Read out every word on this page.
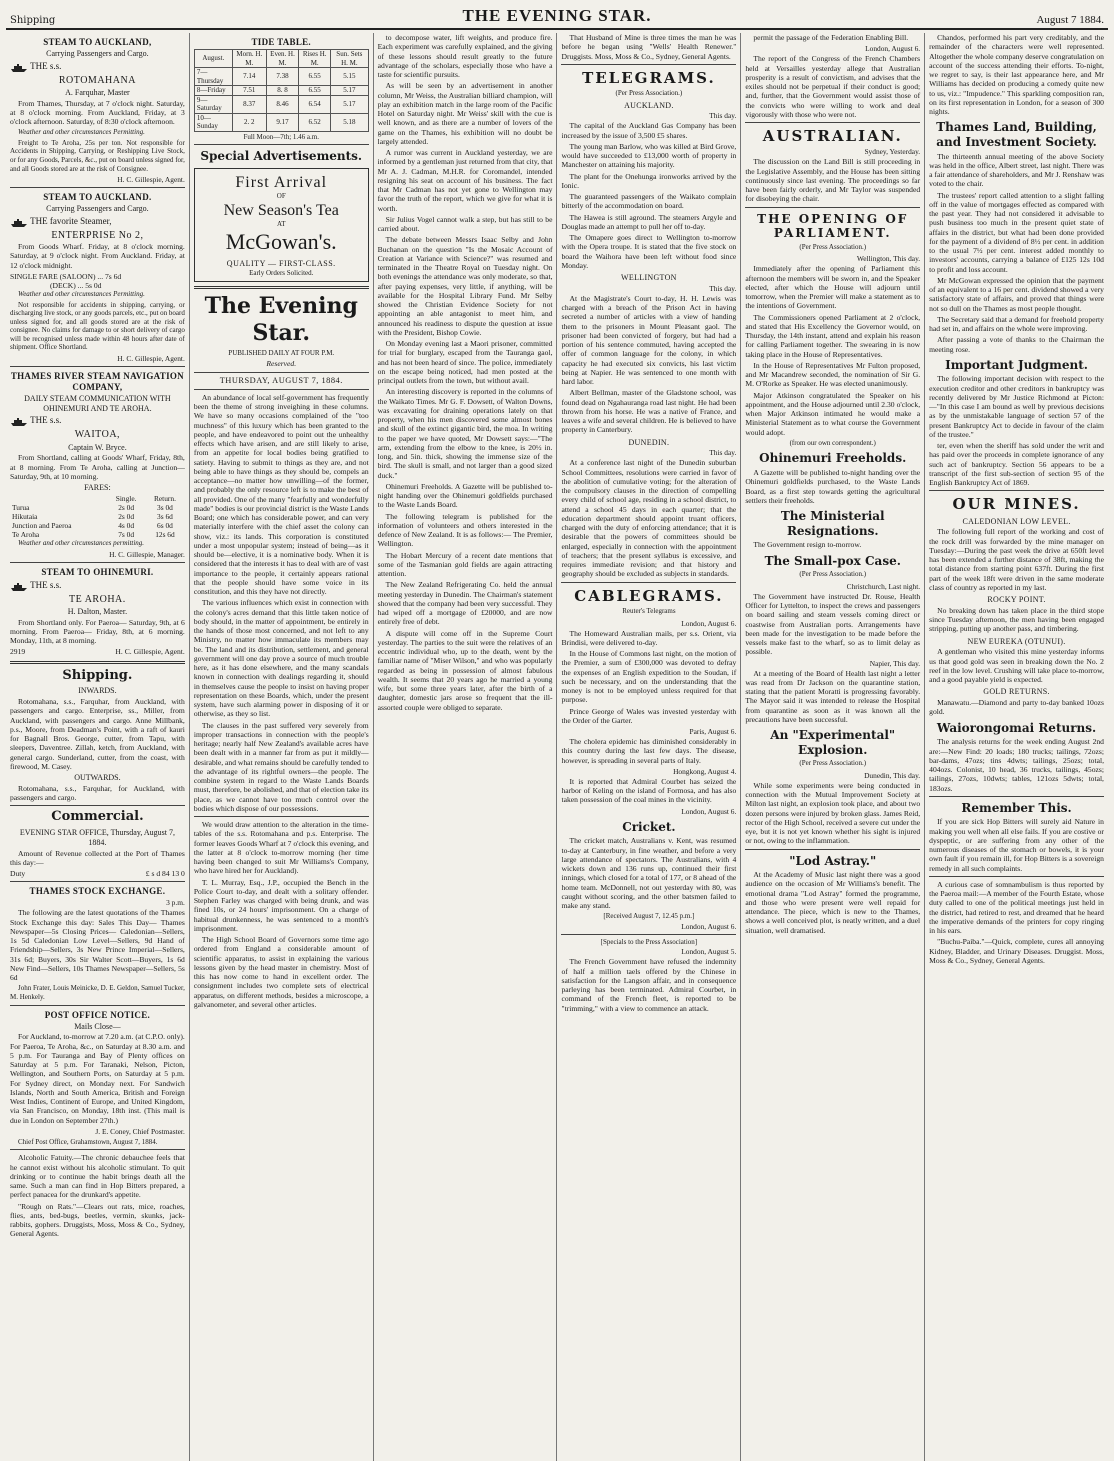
Shipping	THE EVENING STAR.	August 7 1884.
STEAM TO AUCKLAND,
Carrying Passengers and Cargo.
THE s.s.
ROTOMAHANA
A. Farquhar, Master

From Thames, Thursday, at 7 o'clock night. Saturday, at 8 o'clock morning. From Auckland, Friday, at 3 o'clock afternoon. Saturday, of 8:30 o'clock afternoon.

Weather and other circumstances Permitting.

Freight to Te Aroha, 25s per ton. Not responsible for Accidents in Shipping, Carrying, or Reshipping Live Stock, or for any Goods, Parcels, &c., put on board unless signed for, and all Goods stored are at the risk of Consignee.

H. C. Gillespie, Agent.
STEAM TO AUCKLAND.
Carrying Passengers and Cargo.
THE favorite Steamer,
ENTERPRISE No 2,

From Goods Wharf. Friday, at 8 o'clock morning. Saturday, at 9 o'clock night. From Auckland. Friday, at 12 o'clock midnight.

SINGLE FARE (SALOON) ... 7s 6d
(DECK) ... 5s 0d

Weather and other circumstances Permitting.

Not responsible for accidents in shipping, carrying, or discharging live stock, or any goods parcels, etc., put on board unless signed for, and all goods stored are at the risk of consignee. No claims for damage to or short delivery of cargo will be recognised unless made within 48 hours after date of shipment. Office Shortland.

H. C. Gillespie, Agent.
THAMES RIVER STEAM NAVIGATION COMPANY,
DAILY STEAM COMMUNICATION WITH OHINEMURI AND TE AROHA.
THE s.s.
WAITOA,
Captain W. Bryce.

From Shortland, calling at Goods' Wharf, Friday, 8th, at 8 morning. From Te Aroha, calling at Junction— Saturday, 9th, at 10 morning.

FARES:
	Single.	Return.
Turua	2s 0d	3s 0d
Hikutaia	2s 0d	3s 6d
Junction and Paeroa	4s 0d	6s 0d
Te Aroha	7s 0d	12s 6d

Weather and other circumstances permitting.

H. C. Gillespie, Manager.
STEAM TO OHINEMURI.
THE s.s.
TE AROHA.
H. Dalton, Master.

From Shortland only. For Paeroa— Saturday, 9th, at 6 morning. From Paeroa— Friday, 8th, at 6 morning. Monday, 11th, at 8 morning.

2919	H. C. Gillespie, Agent.
Shipping.
INWARDS.

Rotomahana, s.s., Farquhar, from Auckland, with passengers and cargo. Enterprise, ss., Miller, from Auckland, with passengers and cargo. Anne Millbank, p.s., Moore, from Deadman's Point, with a raft of kauri for Bagnall Bros. George, cutter, from Tapu, with sleepers, Daventree. Zillah, ketch, from Auckland, with general cargo. Sunderland, cutter, from the coast, with firewood, M. Casey.

OUTWARDS.

Rotomahana, s.s., Farquhar, for Auckland, with passengers and cargo.

Commercial.
EVENING STAR OFFICE, Thursday, August 7, 1884.

Amount of Revenue collected at the Port of Thames this day:—

Duty	£ s d 84 13 0
THAMES STOCK EXCHANGE.
3 p.m.

The following are the latest quotations of the Thames Stock Exchange this day: Sales This Day— Thames Newspaper—5s Closing Prices— Caledonian—Sellers, 1s 5d Caledonian Low Level—Sellers, 9d Hand of Friendship—Sellers, 3s New Prince Imperial—Sellers, 31s 6d; Buyers, 30s Sir Walter Scott—Buyers, 1s 6d New Find—Sellers, 10s Thames Newspaper—Sellers, 5s 6d

John Frater, Louis Meinicke, D. E. Geldon, Samuel Tucker, M. Henkely.

POST OFFICE NOTICE.
Mails Close—

For Auckland, to-morrow at 7.20 a.m. (at C.P.O. only). For Paeroa, Te Aroha, &c., on Saturday at 8.30 a.m. and 5 p.m. For Tauranga and Bay of Plenty offices on Saturday at 5 p.m. For Taranaki, Nelson, Picton, Wellington, and Southern Ports, on Saturday at 5 p.m. For Sydney direct, on Monday next. For Sandwich Islands, North and South America, British and Foreign West Indies, Continent of Europe, and United Kingdom, via San Francisco, on Monday, 18th inst. (This mail is due in London on September 27th.)

J. E. Coney, Chief Postmaster.

Chief Post Office, Grahamstown, August 7, 1884.

Alcoholic Fatuity.—The chronic debauchee feels that he cannot exist without his alcoholic stimulant. To quit drinking or to continue the habit brings death all the same. Such a man can find in Hop Bitters prepared, a perfect panacea for the drunkard's appetite.

"Rough on Rats."—Clears out rats, mice, roaches, flies, ants, bed-bugs, beetles, vermin, skunks, jack-rabbits, gophers. Druggists, Moss, Moss & Co., Sydney, General Agents.

TIDE TABLE.
August.	Morn. H. M.	Even. H. M.	Rises H. M.	Sun. Sets H. M.
7—Thursday	7.14	7.38	6.55	5.15
8—Friday	7.51	8. 8	6.55	5.17
9—Saturday	8.37	8.46	6.54	5.17
10—Sunday	2. 2	9.17	6.52	5.18
Full Moon—7th; 1.46 a.m.
Special Advertisements.
First Arrival
OF
New Season's Tea
AT
McGowan's.
QUALITY — FIRST-CLASS.
Early Orders Solicited.
The Evening Star.
PUBLISHED DAILY AT FOUR P.M.
Reserved.
THURSDAY, AUGUST 7, 1884.

An abundance of local self-government has frequently been the theme of strong inveighing in these columns. We have so many occasions complained of the "too muchness" of this luxury which has been granted to the people, and have endeavored to point out the unhealthy effects which have arisen, and are still likely to arise, from an appetite for local bodies being gratified to satiety. Having to submit to things as they are, and not being able to have things as they should be, compels an acceptance—no matter how unwilling—of the former, and probably the only resource left is to make the best of all provided. One of the many "fearfully and wonderfully made" bodies is our provincial district is the Waste Lands Board; one which has considerable power, and can very materially interfere with the chief asset the colony can show, viz.: its lands. This corporation is constituted under a most unpopular system; instead of being—as it should be—elective, it is a nominative body. When it is considered that the interests it has to deal with are of vast importance to the people, it certainly appears rational that the people should have some voice in its constitution, and this they have not directly.

The various influences which exist in connection with the colony's acres demand that this little taken notice of body should, in the matter of appointment, be entirely in the hands of those most concerned, and not left to any Ministry, no matter how immaculate its members may be. The land and its distribution, settlement, and general government will one day prove a source of much trouble here, as it has done elsewhere, and the many scandals known in connection with dealings regarding it, should in themselves cause the people to insist on having proper representation on these Boards, which, under the present system, have such alarming power in disposing of it or otherwise, as they so list.

The clauses in the past suffered very severely from improper transactions in connection with the people's heritage; nearly half New Zealand's available acres have been dealt with in a manner far from as put it mildly—desirable, and what remains should be carefully tended to the advantage of its rightful owners—the people. The combine system in regard to the Waste Lands Boards must, therefore, be abolished, and that of election take its place, as we cannot have too much control over the bodies which dispose of our possessions.

We would draw attention to the alteration in the time-tables of the s.s. Rotomahana and p.s. Enterprise. The former leaves Goods Wharf at 7 o'clock this evening, and the latter at 8 o'clock to-morrow morning (her time having been changed to suit Mr Williams's Company, who have hired her for Auckland).

T. L. Murray, Esq., J.P., occupied the Bench in the Police Court to-day, and dealt with a solitary offender. Stephen Farley was charged with being drunk, and was fined 10s, or 24 hours' imprisonment. On a charge of habitual drunkenness, he was sentenced to a month's imprisonment.

The High School Board of Governors some time ago ordered from England a considerable amount of scientific apparatus, to assist in explaining the various lessons given by the head master in chemistry. Most of this has now come to hand in excellent order. The consignment includes two complete sets of electrical apparatus, on different methods, besides a microscope, a galvanometer, and several other articles.

to decompose water, lift weights, and produce fire. Each experiment was carefully explained, and the giving of these lessons should result greatly to the future advantage of the scholars, especially those who have a taste for scientific pursuits.

As will be seen by an advertisement in another column, Mr Weiss, the Australian billiard champion, will play an exhibition match in the large room of the Pacific Hotel on Saturday night. Mr Weiss' skill with the cue is well known, and as there are a number of lovers of the game on the Thames, his exhibition will no doubt be largely attended.

A rumor was current in Auckland yesterday, we are informed by a gentleman just returned from that city, that Mr A. J. Cadman, M.H.R. for Coromandel, intended resigning his seat on account of his business. The fact that Mr Cadman has not yet gone to Wellington may favor the truth of the report, which we give for what it is worth.

Sir Julius Vogel cannot walk a step, but has still to be carried about.

The debate between Messrs Isaac Selby and John Buchanan on the question "Is the Mosaic Account of Creation at Variance with Science?" was resumed and terminated in the Theatre Royal on Tuesday night. On both evenings the attendance was only moderate, so that, after paying expenses, very little, if anything, will be available for the Hospital Library Fund. Mr Selby showed the Christian Evidence Society for not appointing an able antagonist to meet him, and announced his readiness to dispute the question at issue with the President, Bishop Cowie.

On Monday evening last a Maori prisoner, committed for trial for burglary, escaped from the Tauranga gaol, and has not been heard of since. The police, immediately on the escape being noticed, had men posted at the principal outlets from the town, but without avail.

An interesting discovery is reported in the columns of the Waikato Times. Mr G. F. Dowsett, of Walton Downs, was excavating for draining operations lately on that property, when his men discovered some almost bones and skull of the extinct gigantic bird, the moa. In writing to the paper we have quoted, Mr Dowsett says:—"The arm, extending from the elbow to the knee, is 20½ in. long, and 5in. thick, showing the immense size of the bird. The skull is small, and not larger than a good sized duck."

Ohinemuri Freeholds. A Gazette will be published to-night handing over the Ohinemuri goldfields purchased to the Waste Lands Board.

The following telegram is published for the information of volunteers and others interested in the defence of New Zealand. It is as follows:— The Premier, Wellington.

The Hobart Mercury of a recent date mentions that some of the Tasmanian gold fields are again attracting attention.

The New Zealand Refrigerating Co. held the annual meeting yesterday in Dunedin. The Chairman's statement showed that the company had been very successful. They had wiped off a mortgage of £20000, and are now entirely free of debt.

A dispute will come off in the Supreme Court yesterday. The parties to the suit were the relatives of an eccentric individual who, up to the death, went by the familiar name of "Miser Wilson," and who was popularly regarded as being in possession of almost fabulous wealth. It seems that 20 years ago he married a young wife, but some three years later, after the birth of a daughter, domestic jars arose so frequent that the ill-assorted couple were obliged to separate.

That Husband of Mine is three times the man he was before he began using "Wells' Health Renewer." Druggists. Moss, Moss & Co., Sydney, General Agents.

TELEGRAMS.
(Per Press Association.)
AUCKLAND.
This day.

The capital of the Auckland Gas Company has been increased by the issue of 3,500 £5 shares.

The young man Barlow, who was killed at Bird Grove, would have succeeded to £13,000 worth of property in Manchester on attaining his majority.

The plant for the Onehunga ironworks arrived by the Ionic.

The guaranteed passengers of the Waikato complain bitterly of the accommodation on board.

The Hawea is still aground. The steamers Argyle and Douglas made an attempt to pull her off to-day.

The Omapere goes direct to Wellington to-morrow with the Opera troupe. It is stated that the five stock on board the Waihora have been left without food since Monday.

WELLINGTON
This day.

At the Magistrate's Court to-day, H. H. Lewis was charged with a breach of the Prison Act in having secreted a number of articles with a view of handing them to the prisoners in Mount Pleasant gaol. The prisoner had been convicted of forgery, but had had a portion of his sentence commuted, having accepted the offer of common language for the colony, in which capacity he had executed six convicts, his last victim being at Napier. He was sentenced to one month with hard labor.

Albert Bellman, master of the Gladstone school, was found dead on Ngahauranga road last night. He had been thrown from his horse. He was a native of France, and leaves a wife and several children. He is believed to have property in Canterbury.

DUNEDIN.
This day.

At a conference last night of the Dunedin suburban School Committees, resolutions were carried in favor of the abolition of cumulative voting; for the alteration of the compulsory clauses in the direction of compelling every child of school age, residing in a school district, to attend a school 45 days in each quarter; that the education department should appoint truant officers, charged with the duty of enforcing attendance; that it is desirable that the powers of committees should be enlarged, especially in connection with the appointment of teachers; that the present syllabus is excessive, and requires immediate revision; and that history and geography should be excluded as subjects in standards.

CABLEGRAMS.
Reuter's Telegrams
London, August 6.

The Homeward Australian mails, per s.s. Orient, via Brindisi, were delivered to-day.

In the House of Commons last night, on the motion of the Premier, a sum of £300,000 was devoted to defray the expenses of an English expedition to the Soudan, if such be necessary, and on the understanding that the money is not to be employed unless required for that purpose.

Prince George of Wales was invested yesterday with the Order of the Garter.

Paris, August 6.

The cholera epidemic has diminished considerably in this country during the last few days. The disease, however, is spreading in several parts of Italy.

Hongkong, August 4.

It is reported that Admiral Courbet has seized the harbor of Keling on the island of Formosa, and has also taken possession of the coal mines in the vicinity.

London, August 6.
Cricket.

The cricket match, Australians v. Kent, was resumed to-day at Canterbury, in fine weather, and before a very large attendance of spectators. The Australians, with 4 wickets down and 136 runs up, continued their first innings, which closed for a total of 177, or 8 ahead of the home team. McDonnell, not out yesterday with 80, was caught without scoring, and the other batsmen failed to make any stand.

[Received August 7, 12.45 p.m.]
London, August 6.
[Specials to the Press Association]
London, August 5.

The French Government have refused the indemnity of half a million taels offered by the Chinese in satisfaction for the Langson affair, and in consequence parleying has been terminated. Admiral Courbet, in command of the French fleet, is reported to be "trimming," with a view to commence an attack.

permit the passage of the Federation Enabling Bill.

London, August 6.

The report of the Congress of the French Chambers held at Versailles yesterday allege that Australian prosperity is a result of convictism, and advises that the exiles should not be perpetual if their conduct is good; and, further, that the Government would assist those of the convicts who were willing to work and deal vigorously with those who were not.

AUSTRALIAN.
Sydney, Yesterday.

The discussion on the Land Bill is still proceeding in the Legislative Assembly, and the House has been sitting continuously since last evening. The proceedings so far have been fairly orderly, and Mr Taylor was suspended for disobeying the chair.

THE OPENING OF PARLIAMENT.
(Per Press Association.)
Wellington, This day.

Immediately after the opening of Parliament this afternoon the members will be sworn in, and the Speaker elected, after which the House will adjourn until tomorrow, when the Premier will make a statement as to the intentions of Government.

The Commissioners opened Parliament at 2 o'clock, and stated that His Excellency the Governor would, on Thursday, the 14th instant, attend and explain his reason for calling Parliament together. The swearing in is now taking place in the House of Representatives.

In the House of Representatives Mr Fulton proposed, and Mr Macandrew seconded, the nomination of Sir G. M. O'Rorke as Speaker. He was elected unanimously.

Major Atkinson congratulated the Speaker on his appointment, and the House adjourned until 2.30 o'clock, when Major Atkinson intimated he would make a Ministerial Statement as to what course the Government would adopt.

(from our own correspondent.)
Ohinemuri Freeholds.

A Gazette will be published to-night handing over the Ohinemuri goldfields purchased, to the Waste Lands Board, as a first step towards getting the agricultural settlers their freeholds.

The Ministerial Resignations.

The Government resign to-morrow.

The Small-pox Case.
(Per Press Association.)
Christchurch, Last night.

The Government have instructed Dr. Rouse, Health Officer for Lyttelton, to inspect the crews and passengers on board sailing and steam vessels coming direct or coastwise from Australian ports. Arrangements have been made for the investigation to be made before the vessels make fast to the wharf, so as to limit delay as possible.

Napier, This day.

At a meeting of the Board of Health last night a letter was read from Dr Jackson on the quarantine station, stating that the patient Moratti is progressing favorably. The Mayor said it was intended to release the Hospital from quarantine as soon as it was known all the precautions have been successful.

An "Experimental" Explosion.
(Per Press Association.)
Dunedin, This day.

While some experiments were being conducted in connection with the Mutual Improvement Society at Milton last night, an explosion took place, and about two dozen persons were injured by broken glass. James Reid, rector of the High School, received a severe cut under the eye, but it is not yet known whether his sight is injured or not, owing to the inflammation.

"Lod Astray."

At the Academy of Music last night there was a good audience on the occasion of Mr Williams's benefit. The emotional drama "Lod Astray" formed the programme, and those who were present were well repaid for attendance. The piece, which is new to the Thames, shows a well conceived plot, is neatly written, and a duel situation, well dramatised.

Chandos, performed his part very creditably, and the remainder of the characters were well represented. Altogether the whole company deserve congratulation on account of the success attending their efforts. To-night, we regret to say, is their last appearance here, and Mr Williams has decided on producing a comedy quite new to us, viz.: "Impudence." This sparkling composition ran, on its first representation in London, for a season of 300 nights.

Thames Land, Building, and Investment Society.

The thirteenth annual meeting of the above Society was held in the office, Albert street, last night. There was a fair attendance of shareholders, and Mr J. Renshaw was voted to the chair.

The trustees' report called attention to a slight falling off in the value of mortgages effected as compared with the past year. They had not considered it advisable to push business too much in the present quiet state of affairs in the district, but what had been done provided for the payment of a dividend of 8½ per cent. in addition to the usual 7½ per cent. interest added monthly to investors' accounts, carrying a balance of £125 12s 10d to profit and loss account.

Mr McGowan expressed the opinion that the payment of an equivalent to a 16 per cent. dividend showed a very satisfactory state of affairs, and proved that things were not so dull on the Thames as most people thought.

The Secretary said that a demand for freehold property had set in, and affairs on the whole were improving.

After passing a vote of thanks to the Chairman the meeting rose.

Important Judgment.

The following important decision with respect to the execution creditor and other creditors in bankruptcy was recently delivered by Mr Justice Richmond at Picton:—"In this case I am bound as well by previous decisions as by the unmistakable language of section 57 of the present Bankruptcy Act to decide in favour of the claim of the trustee."

ter, even when the sheriff has sold under the writ and has paid over the proceeds in complete ignorance of any such act of bankruptcy. Section 56 appears to be a transcript of the first sub-section of section 95 of the English Bankruptcy Act of 1869.

OUR MINES.
CALEDONIAN LOW LEVEL.

The following full report of the working and cost of the rock drill was forwarded by the mine manager on Tuesday:—During the past week the drive at 650ft level has been extended a further distance of 38ft, making the total distance from starting point 637ft. During the first part of the week 18ft were driven in the same moderate class of country as reported in my last.

ROCKY POINT.

No breaking down has taken place in the third stope since Tuesday afternoon, the men having been engaged stripping, putting up another pass, and timbering.

NEW EUREKA (OTUNUI).

A gentleman who visited this mine yesterday informs us that good gold was seen in breaking down the No. 2 reef in the low level. Crushing will take place to-morrow, and a good payable yield is expected.

GOLD RETURNS.

Manawatu.—Diamond and party to-day banked 10ozs gold.

Waiorongomai Returns.

The analysis returns for the week ending August 2nd are:—New Find: 20 loads; 180 trucks; tailings, 72ozs; bar-dams, 47ozs; tins 4dwts; tailings, 25ozs; total, 404ozs. Colonist, 10 head, 36 trucks, tailings, 45ozs; tailings, 27ozs, 10dwts; tables, 121ozs 5dwts; total, 183ozs.

Remember This.

If you are sick Hop Bitters will surely aid Nature in making you well when all else fails. If you are costive or dyspeptic, or are suffering from any other of the numerous diseases of the stomach or bowels, it is your own fault if you remain ill, for Hop Bitters is a sovereign remedy in all such complaints.

A curious case of somnambulism is thus reported by the Paeroa mail:—A member of the Fourth Estate, whose duty called to one of the political meetings just held in the district, had retired to rest, and dreamed that he heard the imperative demands of the printers for copy ringing in his ears.

"Buchu-Paiba."—Quick, complete, cures all annoying Kidney, Bladder, and Urinary Diseases. Druggist. Moss, Moss & Co., Sydney, General Agents.
